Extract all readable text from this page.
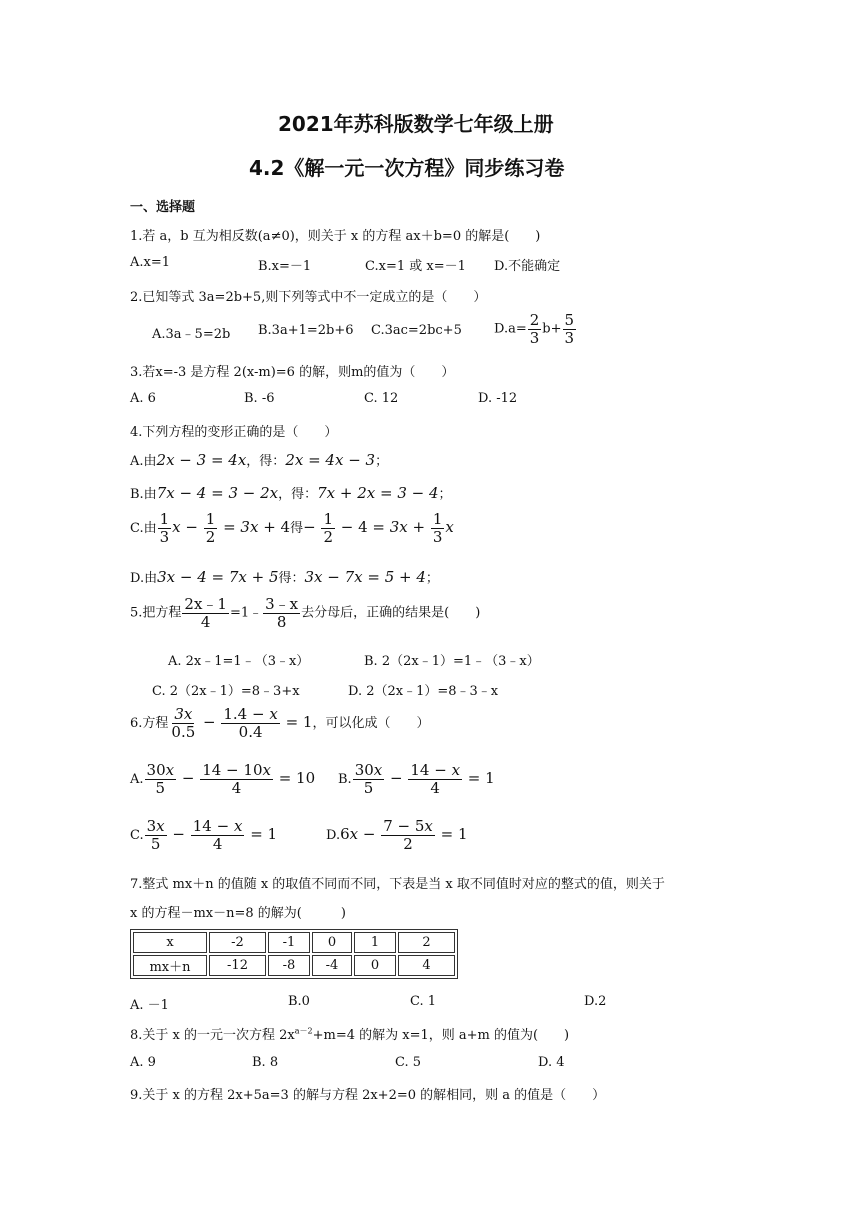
2021年苏科版数学七年级上册
4.2《解一元一次方程》同步练习卷
一、选择题
1.若 a，b 互为相反数(a≠0)，则关于 x 的方程 ax＋b=0 的解是(　　)
A.x=1	B.x=－1	C.x=1 或 x=－1 D.不能确定
2.已知等式 3a=2b+5,则下列等式中不一定成立的是（　　）
A.3a﹣5=2b B.3a+1=2b+6 C.3ac=2bc+5 $D.a= \frac{2}{3} b+ \frac{5}{3}$
3.若x=-3 是方程 2(x-m)=6 的解，则m的值为（　　）
A. 6	B. -6	C. 12	D. -12
4.下列方程的变形正确的是（　　）
A.由2x − 3 = 4x，得：2x = 4x − 3；
B.由7x − 4 = 3 − 2x，得：7x + 2x = 3 − 4；
C.由 $\frac{1}{3}$ $x - \frac{1}{2} = 3x + 4$得− $\frac{1}{2} - 4 = 3x + \frac{1}{3}$ x
D.由3x − 4 = 7x + 5得：3x − 7x = 5 + 4；
5.把方程 $\frac{2x﹣1}{4}$ =1﹣ $\frac{3﹣x}{8}$ 去分母后，正确的结果是(　　)
A. 2x﹣1=1﹣（3﹣x）	B. 2（2x﹣1）=1﹣（3﹣x）
C. 2（2x﹣1）=8﹣3+x	D. 2（2x﹣1）=8﹣3﹣x
6.方程 $\frac{3x}{0.5} - \frac{1.4 - x}{0.4} = 1$，可以化成（　　）
A. $\frac{30x}{5} - \frac{14 - 10x}{4} = 10$ B. $\frac{30x}{5} - \frac{14 - x}{4} = 1$
C. $\frac{3x}{5} - \frac{14 - x}{4} = 1$	$D.6x - \frac{7 - 5x}{2} = 1$
7.整式 mx＋n 的值随 x 的取值不同而不同，下表是当 x 取不同值时对应的整式的值，则关于
x 的方程－mx－n=8 的解为(　　　)
x	-2	-1	0	1	2
mx＋n	-12	-8	-4	0	4
A. －1	B.0	C. 1	D.2
8.关于 x 的一元一次方程 $2x^{a-2}+m=4$ 的解为 x=1，则 a+m 的值为(　　)
A. 9	B. 8	C. 5	D. 4
9.关于 x 的方程 2x+5a=3 的解与方程 2x+2=0 的解相同，则 a 的值是（　　）
